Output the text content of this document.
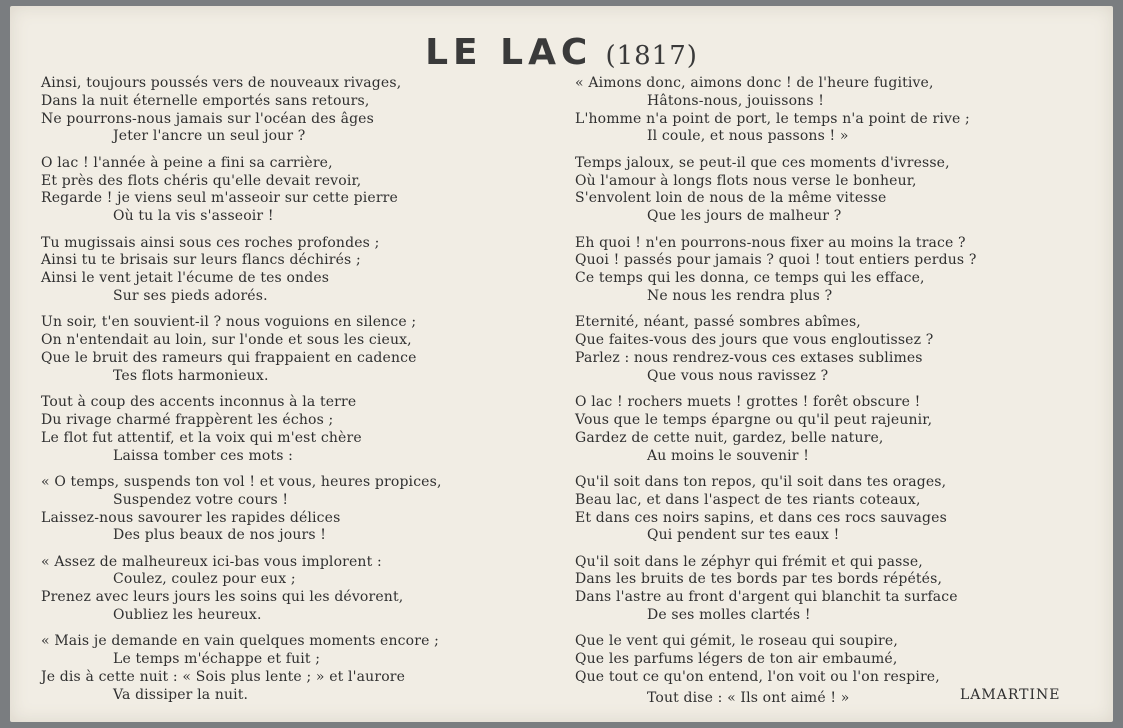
LE LAC (1817)
Ainsi, toujours poussés vers de nouveaux rivages,
Dans la nuit éternelle emportés sans retours,
Ne pourrons-nous jamais sur l'océan des âges
Jeter l'ancre un seul jour ?
O lac ! l'année à peine a fini sa carrière,
Et près des flots chéris qu'elle devait revoir,
Regarde ! je viens seul m'asseoir sur cette pierre
Où tu la vis s'asseoir !
Tu mugissais ainsi sous ces roches profondes ;
Ainsi tu te brisais sur leurs flancs déchirés ;
Ainsi le vent jetait l'écume de tes ondes
Sur ses pieds adorés.
Un soir, t'en souvient-il ? nous voguions en silence ;
On n'entendait au loin, sur l'onde et sous les cieux,
Que le bruit des rameurs qui frappaient en cadence
Tes flots harmonieux.
Tout à coup des accents inconnus à la terre
Du rivage charmé frappèrent les échos ;
Le flot fut attentif, et la voix qui m'est chère
Laissa tomber ces mots :
« O temps, suspends ton vol ! et vous, heures propices,
Suspendez votre cours !
Laissez-nous savourer les rapides délices
Des plus beaux de nos jours !
« Assez de malheureux ici-bas vous implorent :
Coulez, coulez pour eux ;
Prenez avec leurs jours les soins qui les dévorent,
Oubliez les heureux.
« Mais je demande en vain quelques moments encore ;
Le temps m'échappe et fuit ;
Je dis à cette nuit : « Sois plus lente ; » et l'aurore
Va dissiper la nuit.
« Aimons donc, aimons donc ! de l'heure fugitive,
Hâtons-nous, jouissons !
L'homme n'a point de port, le temps n'a point de rive ;
Il coule, et nous passons ! »
Temps jaloux, se peut-il que ces moments d'ivresse,
Où l'amour à longs flots nous verse le bonheur,
S'envolent loin de nous de la même vitesse
Que les jours de malheur ?
Eh quoi ! n'en pourrons-nous fixer au moins la trace ?
Quoi ! passés pour jamais ? quoi ! tout entiers perdus ?
Ce temps qui les donna, ce temps qui les efface,
Ne nous les rendra plus ?
Eternité, néant, passé sombres abîmes,
Que faites-vous des jours que vous engloutissez ?
Parlez : nous rendrez-vous ces extases sublimes
Que vous nous ravissez ?
O lac ! rochers muets ! grottes ! forêt obscure !
Vous que le temps épargne ou qu'il peut rajeunir,
Gardez de cette nuit, gardez, belle nature,
Au moins le souvenir !
Qu'il soit dans ton repos, qu'il soit dans tes orages,
Beau lac, et dans l'aspect de tes riants coteaux,
Et dans ces noirs sapins, et dans ces rocs sauvages
Qui pendent sur tes eaux !
Qu'il soit dans le zéphyr qui frémit et qui passe,
Dans les bruits de tes bords par tes bords répétés,
Dans l'astre au front d'argent qui blanchit ta surface
De ses molles clartés !
Que le vent qui gémit, le roseau qui soupire,
Que les parfums légers de ton air embaumé,
Que tout ce qu'on entend, l'on voit ou l'on respire,
Tout dise : « Ils ont aimé ! »	LAMARTINE
